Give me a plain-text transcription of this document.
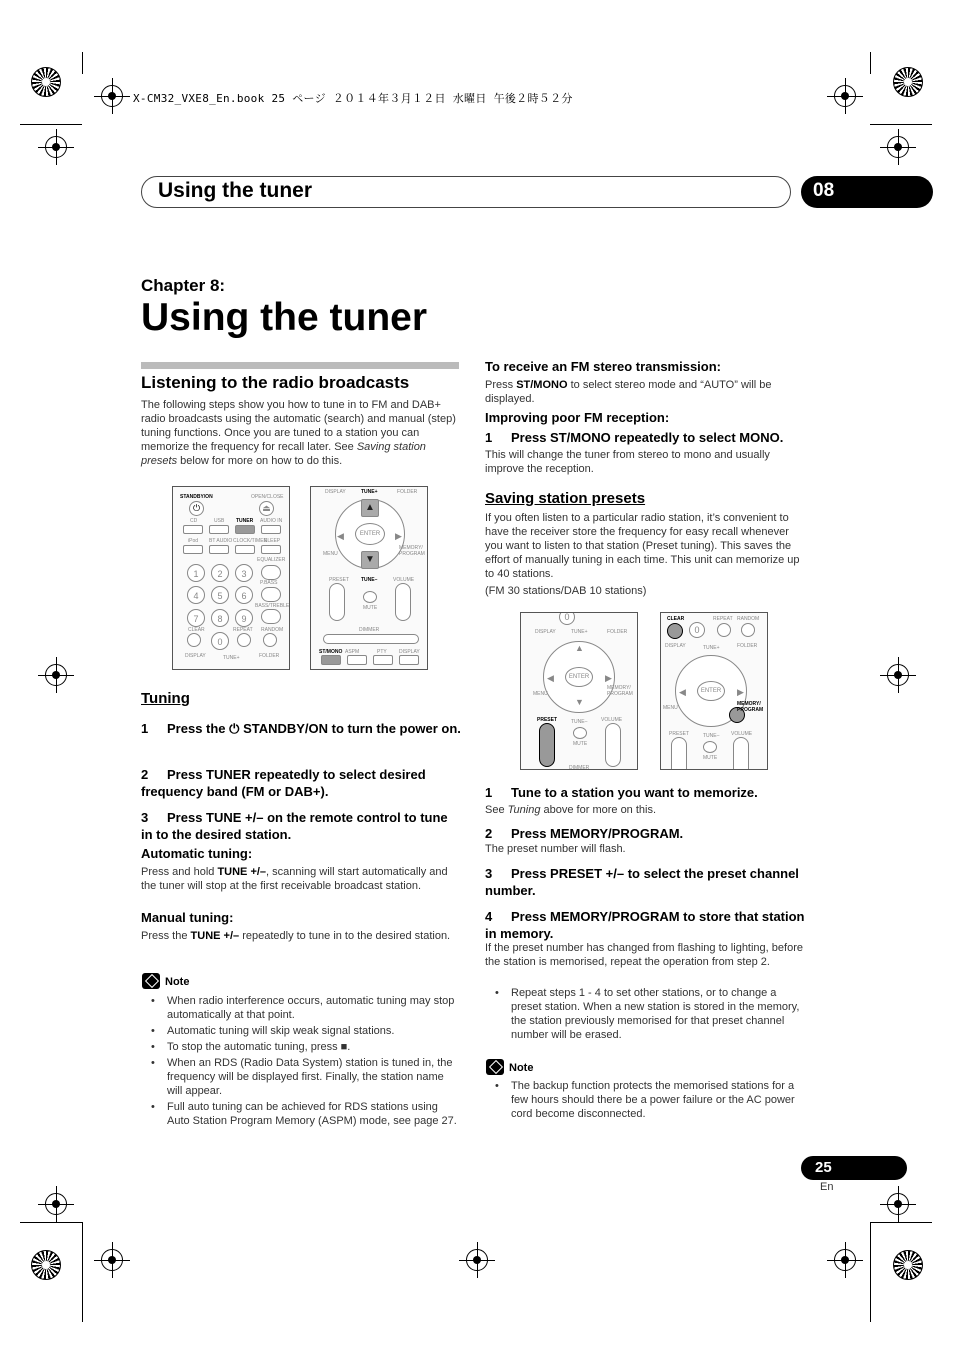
X-CM32_VXE8_En.book 25 ページ ２０１４年３月１２日 水曜日 午後２時５２分
Using the tuner	08
Chapter 8:
Using the tuner
Listening to the radio broadcasts
The following steps show you how to tune in to FM and DAB+ radio broadcasts using the automatic (search) and manual (step) tuning functions. Once you are tuned to a station you can memorize the frequency for recall later. See Saving station presets below for more on how to do this.
STANDBY/ON	OPEN/CLOSE
⏻	⏏
CD	USB TUNER AUDIO IN
iPod BT AUDIO CLOCK/TIMER
SLEEP
EQUALIZER
1	2	3
P.BASS
4	5	6
BASS/TREBLE
7	8	9
CLEAR	REPEAT RANDOM
0
DISPLAY	TUNE+	FOLDER
DISPLAY	TUNE+	FOLDER
▲
▼
ENTER
◀	▶
MENU
MEMORY/ PROGRAM
PRESET TUNE–	VOLUME
MUTE
DIMMER
ST/MONO ASPM	PTY DISPLAY
Tuning
1 Press the ⏻ STANDBY/ON to turn the power on.
2 Press TUNER repeatedly to select desired frequency band (FM or DAB+).
3 Press TUNE +/– on the remote control to tune in to the desired station.
Automatic tuning:
Press and hold TUNE +/–, scanning will start automatically and the tuner will stop at the first receivable broadcast station.
Manual tuning:
Press the TUNE +/– repeatedly to tune in to the desired station.
Note
• When radio interference occurs, automatic tuning may stop automatically at that point.
• Automatic tuning will skip weak signal stations.
• To stop the automatic tuning, press ■.
• When an RDS (Radio Data System) station is tuned in, the frequency will be displayed first. Finally, the station name will appear.
• Full auto tuning can be achieved for RDS stations using Auto Station Program Memory (ASPM) mode, see page 27.
To receive an FM stereo transmission:
Press ST/MONO to select stereo mode and “AUTO” will be displayed.
Improving poor FM reception:
1 Press ST/MONO repeatedly to select MONO.
This will change the tuner from stereo to mono and usually improve the reception.
Saving station presets
If you often listen to a particular radio station, it’s convenient to have the receiver store the frequency for easy recall whenever you want to listen to that station (Preset tuning). This saves the effort of manually tuning in each time. This unit can memorize up to 40 stations.
(FM 30 stations/DAB 10 stations)
0
DISPLAY	TUNE+	FOLDER
ENTER
◀	▶
▲
▼
MENU
MEMORY/ PROGRAM
PRESET	TUNE–	VOLUME
MUTE
DIMMER
CLEAR	REPEAT RANDOM
0
DISPLAY	TUNE+	FOLDER
ENTER
◀	▶
MENU
MEMORY/ PROGRAM
PRESET	TUNE– VOLUME
MUTE
1 Tune to a station you want to memorize.
See Tuning above for more on this.
2 Press MEMORY/PROGRAM.
The preset number will flash.
3 Press PRESET +/– to select the preset channel number.
4 Press MEMORY/PROGRAM to store that station in memory.
If the preset number has changed from flashing to lighting, before the station is memorised, repeat the operation from step 2.
• Repeat steps 1 - 4 to set other stations, or to change a preset station. When a new station is stored in the memory, the station previously memorised for that preset channel number will be erased.
Note
• The backup function protects the memorised stations for a few hours should there be a power failure or the AC power cord become disconnected.
25
En
